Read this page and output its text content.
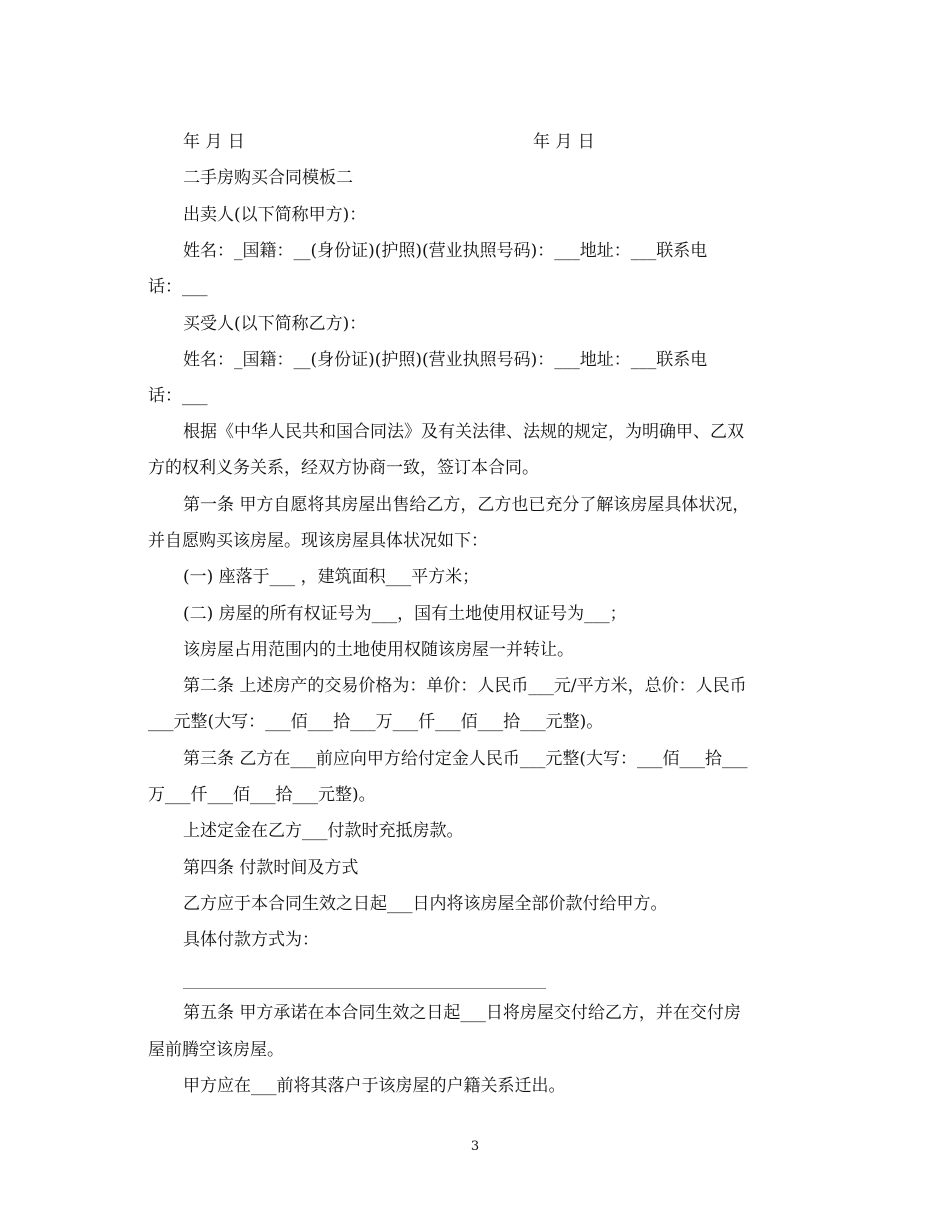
年 月 日	年 月 日
二手房购买合同模板二
出卖人(以下简称甲方)：
姓名：_国籍：__(身份证)(护照)(营业执照号码)：___地址：___联系电
话：___
买受人(以下简称乙方)：
姓名：_国籍：__(身份证)(护照)(营业执照号码)：___地址：___联系电
话：___
根据《中华人民共和国合同法》及有关法律、法规的规定，为明确甲、乙双
方的权利义务关系，经双方协商一致，签订本合同。
第一条 甲方自愿将其房屋出售给乙方，乙方也已充分了解该房屋具体状况，
并自愿购买该房屋。现该房屋具体状况如下：
(一) 座落于___ ，建筑面积___平方米；
(二) 房屋的所有权证号为___，国有土地使用权证号为___；
该房屋占用范围内的土地使用权随该房屋一并转让。
第二条 上述房产的交易价格为：单价：人民币___元/平方米，总价：人民币
___元整(大写：___佰___拾___万___仟___佰___拾___元整)。
第三条 乙方在___前应向甲方给付定金人民币___元整(大写：___佰___拾___
万___仟___佰___拾___元整)。
上述定金在乙方___付款时充抵房款。
第四条 付款时间及方式
乙方应于本合同生效之日起___日内将该房屋全部价款付给甲方。
具体付款方式为：
第五条 甲方承诺在本合同生效之日起___日将房屋交付给乙方，并在交付房
屋前腾空该房屋。
甲方应在___前将其落户于该房屋的户籍关系迁出。
3
